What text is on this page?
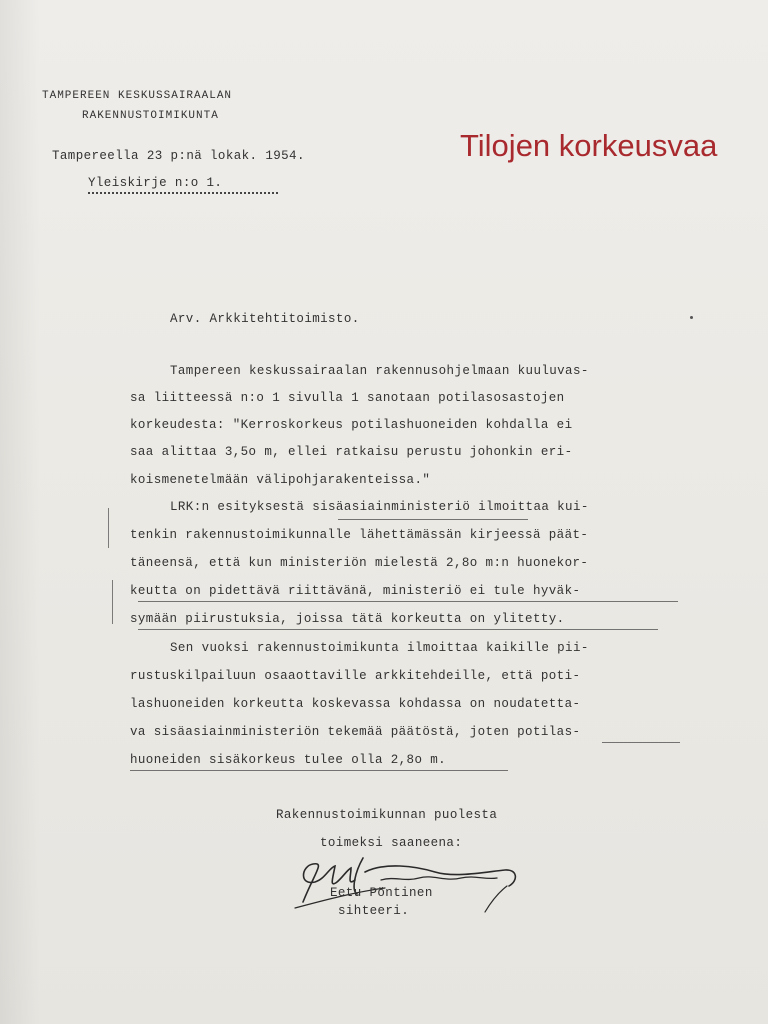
TAMPEREEN KESKUSSAIRAALAN
RAKENNUSTOIMIKUNTA
Tampereella 23 p:nä lokak. 1954.
Yleiskirje n:o 1.
Tilojen korkeusvaa
Arv. Arkkitehtitoimisto.
Tampereen keskussairaalan rakennusohjelmaan kuuluvas-
sa liitteessä n:o 1 sivulla 1 sanotaan potilasosastojen
korkeudesta: "Kerroskorkeus potilashuoneiden kohdalla ei
saa alittaa 3,5o m, ellei ratkaisu perustu johonkin eri-
koismenetelmään välipohjarakenteissa."
LRK:n esityksestä sisäasiainministeriö ilmoittaa kui-
tenkin rakennustoimikunnalle lähettämässän kirjeessä päät-
täneensä, että kun ministeriön mielestä 2,8o m:n huonekor-
keutta on pidettävä riittävänä, ministeriö ei tule hyväk-
symään piirustuksia, joissa tätä korkeutta on ylitetty.
Sen vuoksi rakennustoimikunta ilmoittaa kaikille pii-
rustuskilpailuun osaaottaville arkkitehdeille, että poti-
lashuoneiden korkeutta koskevassa kohdassa on noudatetta-
va sisäasiainministeriön tekemää päätöstä, joten potilas-
huoneiden sisäkorkeus tulee olla 2,8o m.
Rakennustoimikunnan puolesta
toimeksi saaneena:
Eetu Pöntinen
sihteeri.
